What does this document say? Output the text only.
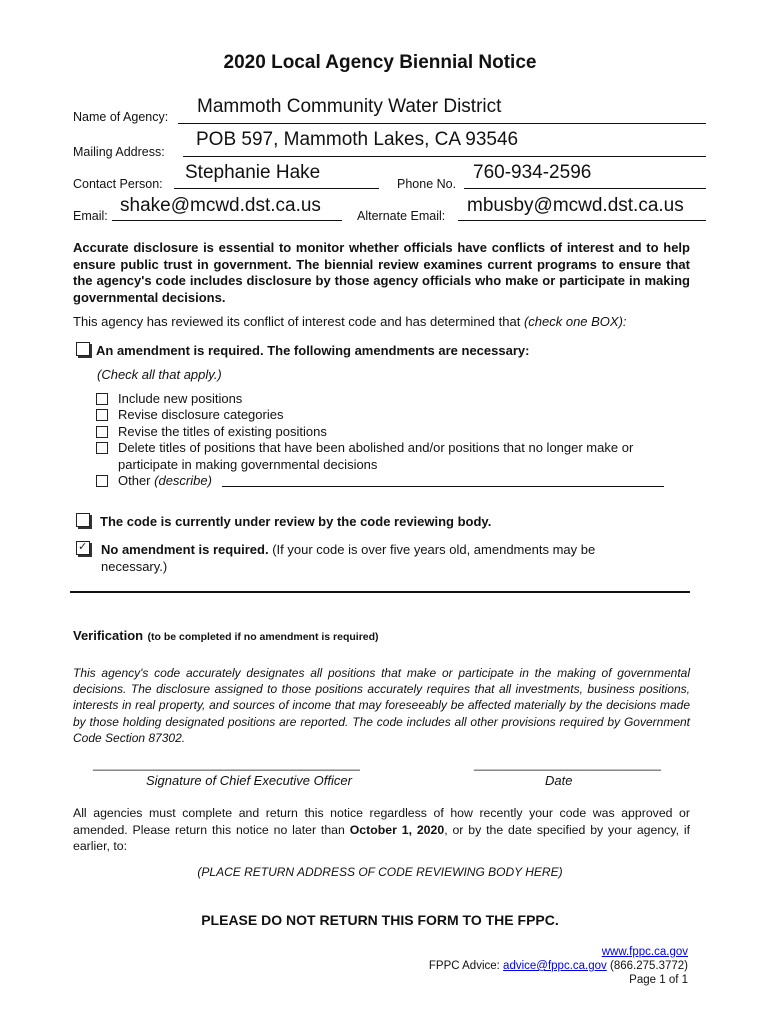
2020 Local Agency Biennial Notice
Name of Agency: Mammoth Community Water District
Mailing Address:
POB 597, Mammoth Lakes, CA 93546
Contact Person:
Stephanie Hake
Phone No.
760-934-2596
Email: shake@mcwd.dst.ca.us	Alternate Email: mbusby@mcwd.dst.ca.us
Accurate disclosure is essential to monitor whether officials have conflicts of interest and to help ensure public trust in government. The biennial review examines current programs to ensure that the agency's code includes disclosure by those agency officials who make or participate in making governmental decisions.
This agency has reviewed its conflict of interest code and has determined that (check one BOX):
An amendment is required. The following amendments are necessary:
(Check all that apply.)
Include new positions
Revise disclosure categories
Revise the titles of existing positions
Delete titles of positions that have been abolished and/or positions that no longer make or
participate in making governmental decisions
Other (describe)
The code is currently under review by the code reviewing body.
✓ No amendment is required. (If your code is over five years old, amendments may be
necessary.)
Verification (to be completed if no amendment is required)
This agency's code accurately designates all positions that make or participate in the making of governmental decisions. The disclosure assigned to those positions accurately requires that all investments, business positions, interests in real property, and sources of income that may foreseeably be affected materially by the decisions made by those holding designated positions are reported. The code includes all other provisions required by Government Code Section 87302.
________________________________________
Signature of Chief Executive Officer
____________________________
Date
All agencies must complete and return this notice regardless of how recently your code was approved or amended. Please return this notice no later than October 1, 2020, or by the date specified by your agency, if earlier, to:
(PLACE RETURN ADDRESS OF CODE REVIEWING BODY HERE)
PLEASE DO NOT RETURN THIS FORM TO THE FPPC.
www.fppc.ca.gov
FPPC Advice: advice@fppc.ca.gov (866.275.3772)
Page 1 of 1
